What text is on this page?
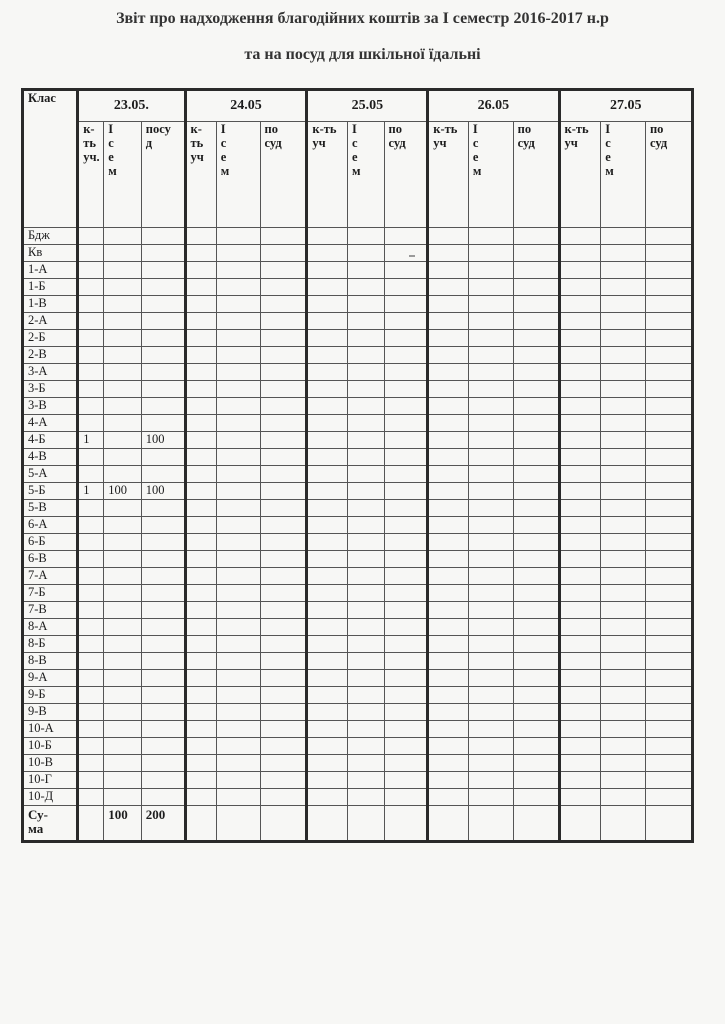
Звіт про надходження благодійних коштів за I семестр 2016-2017 н.р
та на посуд для шкільної їдальні
Клас	23.05.			24.05			25.05			26.05			27.05		

	к-
ть
уч.	І
с
е
м	посу
д	к-
ть
уч	І
с
е
м	по
суд	к-ть
уч	І
с
е
м	по
суд	к-ть
уч	І
с
е
м	по
суд	к-ть
уч	І
с
е
м	по
суд

Бдж															
Кв															
1-А															
1-Б															
1-В															
2-А															
2-Б															
2-В															
3-А															
3-Б															
3-В															
4-А															
4-Б	1		100												
4-В															
5-А															
5-Б	1	100	100												
5-В															
6-А															
6-Б															
6-В															
7-А															
7-Б															
7-В															
8-А															
8-Б															
8-В															
9-А															
9-Б															
9-В															
10-А															
10-Б															
10-В															
10-Г															
10-Д															

Су-
ма		100	200												
